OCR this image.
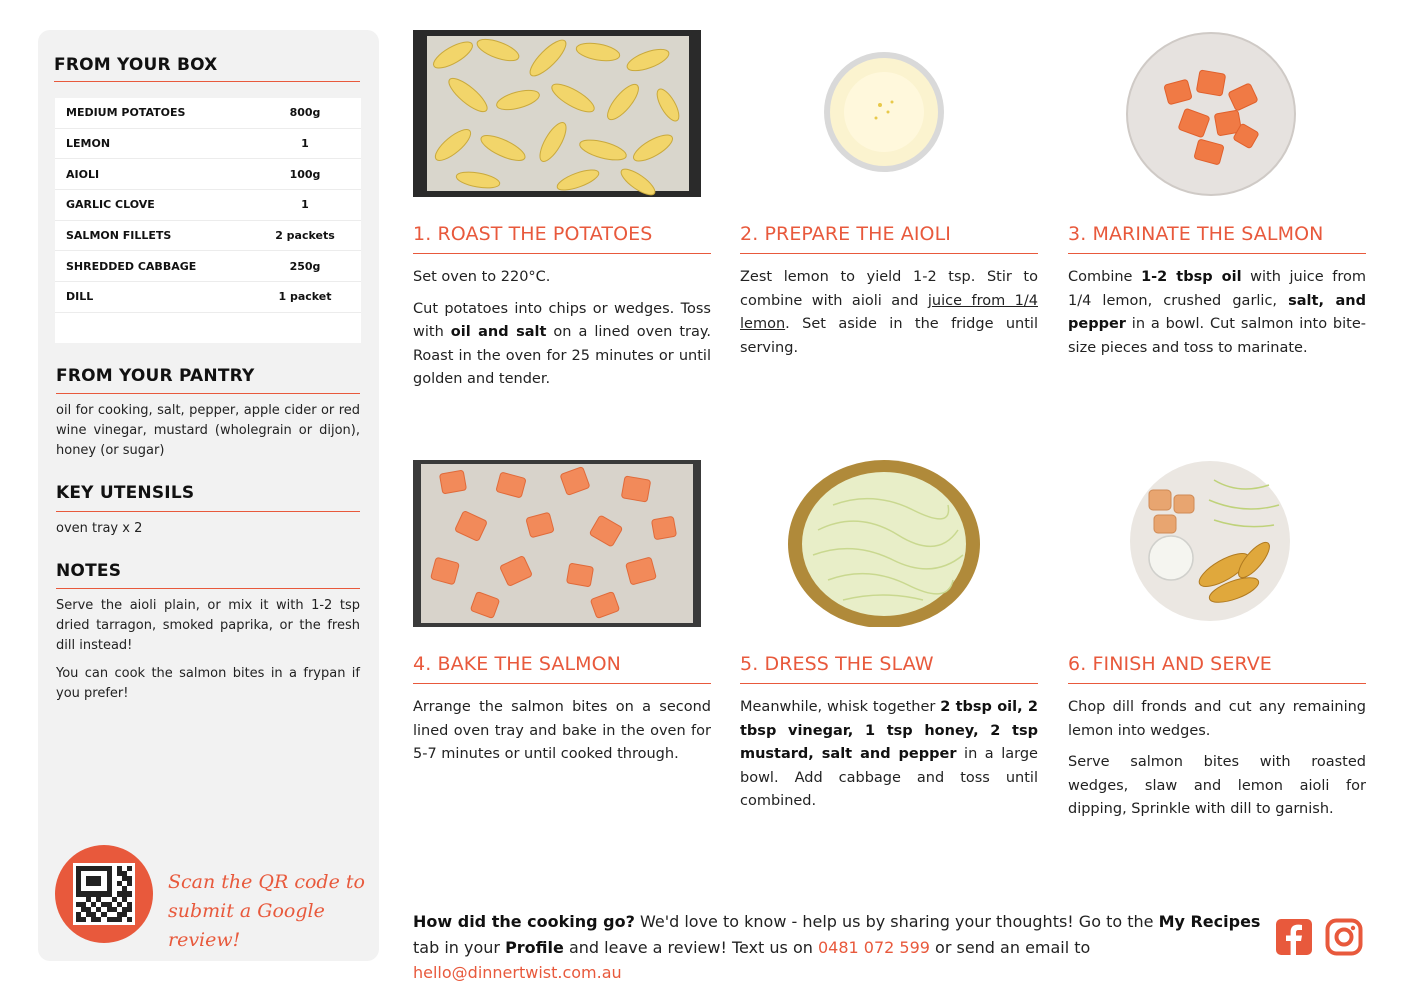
FROM YOUR BOX
MEDIUM POTATOES	800g
LEMON	1
AIOLI	100g
GARLIC CLOVE	1
SALMON FILLETS	2 packets
SHREDDED CABBAGE	250g
DILL	1 packet
FROM YOUR PANTRY
oil for cooking, salt, pepper, apple cider or red wine vinegar, mustard (wholegrain or dijon), honey (or sugar)
KEY UTENSILS
oven tray x 2
NOTES
Serve the aioli plain, or mix it with 1-2 tsp dried tarragon, smoked paprika, or the fresh dill instead!
You can cook the salmon bites in a frypan if you prefer!
Scan the QR code to
submit a Google review!
1. ROAST THE POTATOES

Set oven to 220°C.

Cut potatoes into chips or wedges. Toss with oil and salt on a lined oven tray. Roast in the oven for 25 minutes or until golden and tender.

2. PREPARE THE AIOLI

Zest lemon to yield 1-2 tsp. Stir to combine with aioli and juice from 1/4 lemon. Set aside in the fridge until serving.

3. MARINATE THE SALMON

Combine 1-2 tbsp oil with juice from 1/4 lemon, crushed garlic, salt, and pepper in a bowl. Cut salmon into bite-size pieces and toss to marinate.

4. BAKE THE SALMON

Arrange the salmon bites on a second lined oven tray and bake in the oven for 5-7 minutes or until cooked through.

5. DRESS THE SLAW

Meanwhile, whisk together 2 tbsp oil, 2 tbsp vinegar, 1 tsp honey, 2 tsp mustard, salt and pepper in a large bowl. Add cabbage and toss until combined.

6. FINISH AND SERVE

Chop dill fronds and cut any remaining lemon into wedges.

Serve salmon bites with roasted wedges, slaw and lemon aioli for dipping, Sprinkle with dill to garnish.

How did the cooking go? We'd love to know - help us by sharing your thoughts! Go to the My Recipes tab in your Profile and leave a review! Text us on 0481 072 599 or send an email to hello@dinnertwist.com.au
